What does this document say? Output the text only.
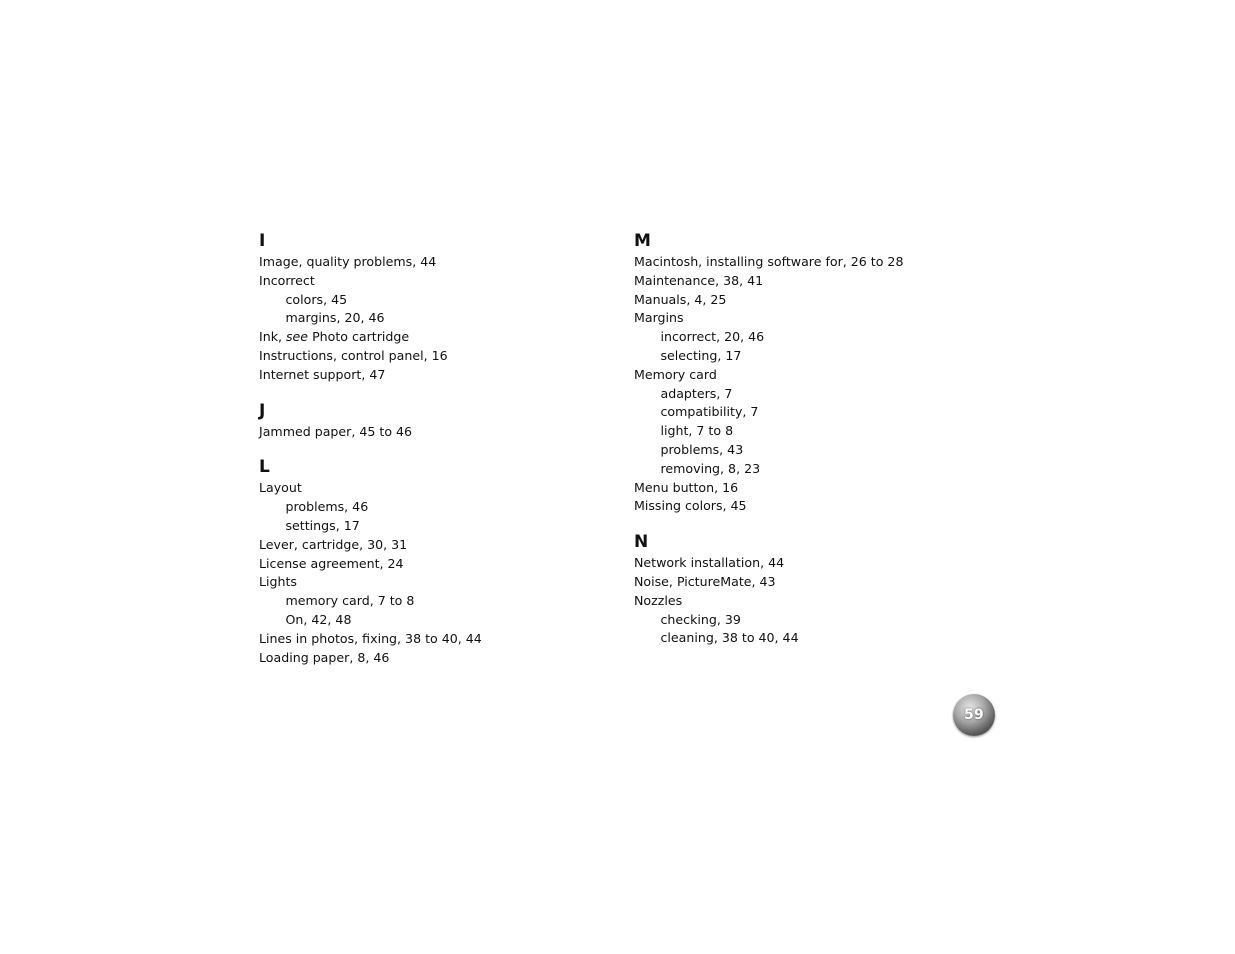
I
Image, quality problems, 44
Incorrect
colors, 45
margins, 20, 46
Ink, see Photo cartridge
Instructions, control panel, 16
Internet support, 47
J
Jammed paper, 45 to 46
L
Layout
problems, 46
settings, 17
Lever, cartridge, 30, 31
License agreement, 24
Lights
memory card, 7 to 8
On, 42, 48
Lines in photos, fixing, 38 to 40, 44
Loading paper, 8, 46
M
Macintosh, installing software for, 26 to 28
Maintenance, 38, 41
Manuals, 4, 25
Margins
incorrect, 20, 46
selecting, 17
Memory card
adapters, 7
compatibility, 7
light, 7 to 8
problems, 43
removing, 8, 23
Menu button, 16
Missing colors, 45
N
Network installation, 44
Noise, PictureMate, 43
Nozzles
checking, 39
cleaning, 38 to 40, 44
59
